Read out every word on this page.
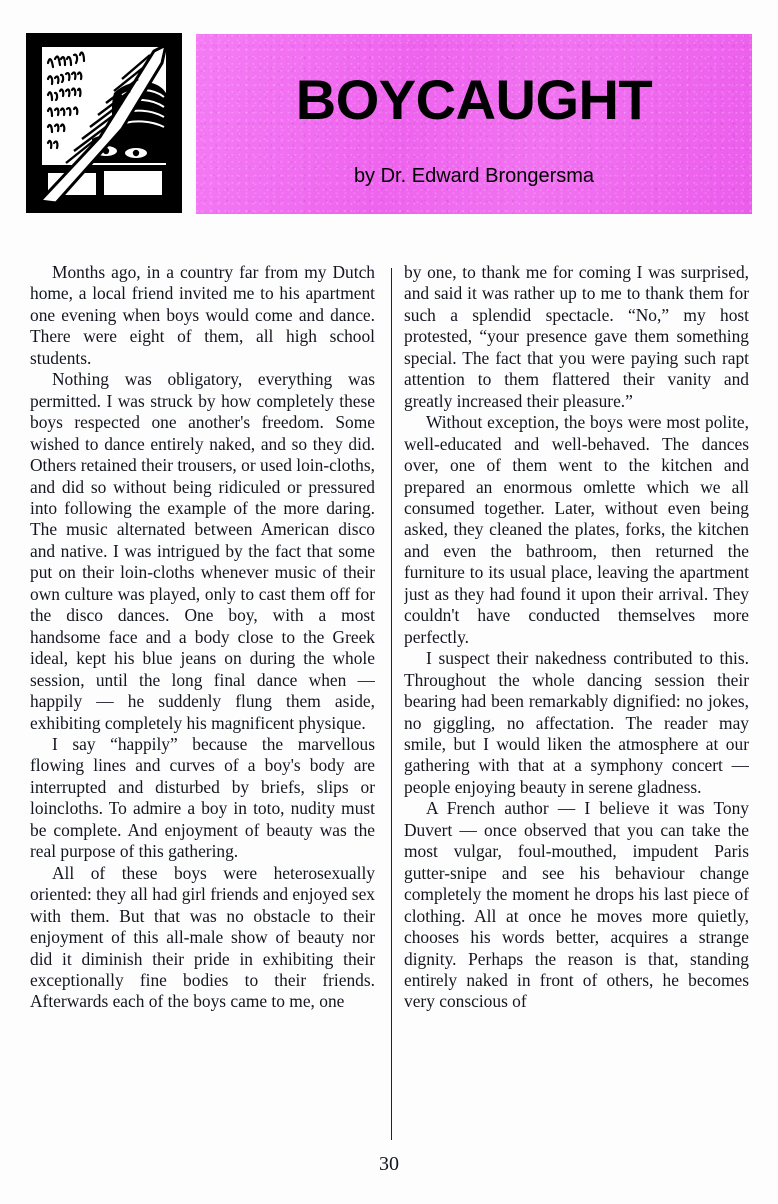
BOYCAUGHT
by Dr. Edward Brongersma

Months ago, in a country far from my Dutch home, a local friend invited me to his apartment one evening when boys would come and dance. There were eight of them, all high school students.

Nothing was obligatory, everything was permitted. I was struck by how completely these boys respected one another's freedom. Some wished to dance entirely naked, and so they did. Others retained their trousers, or used loin-cloths, and did so without being ridiculed or pressured into following the example of the more daring. The music alternated between American disco and native. I was intrigued by the fact that some put on their loin-cloths whenever music of their own culture was played, only to cast them off for the disco dances. One boy, with a most handsome face and a body close to the Greek ideal, kept his blue jeans on during the whole session, until the long final dance when — happily — he suddenly flung them aside, exhibiting completely his magnificent physique.

I say “happily” because the marvellous flowing lines and curves of a boy's body are interrupted and disturbed by briefs, slips or loincloths. To admire a boy in toto, nudity must be complete. And enjoyment of beauty was the real purpose of this gathering.

All of these boys were heterosexually oriented: they all had girl friends and enjoyed sex with them. But that was no obstacle to their enjoyment of this all-male show of beauty nor did it diminish their pride in exhibiting their exceptionally fine bodies to their friends. Afterwards each of the boys came to me, one

by one, to thank me for coming I was surprised, and said it was rather up to me to thank them for such a splendid spectacle. “No,” my host protested, “your presence gave them something special. The fact that you were paying such rapt attention to them flattered their vanity and greatly increased their pleasure.”

Without exception, the boys were most polite, well-educated and well-behaved. The dances over, one of them went to the kitchen and prepared an enormous omlette which we all consumed together. Later, without even being asked, they cleaned the plates, forks, the kitchen and even the bathroom, then returned the furniture to its usual place, leaving the apartment just as they had found it upon their arrival. They couldn't have conducted themselves more perfectly.

I suspect their nakedness contributed to this. Throughout the whole dancing session their bearing had been remarkably dignified: no jokes, no giggling, no affectation. The reader may smile, but I would liken the atmosphere at our gathering with that at a symphony concert — people enjoying beauty in serene gladness.

A French author — I believe it was Tony Duvert — once observed that you can take the most vulgar, foul-mouthed, impudent Paris gutter-snipe and see his behaviour change completely the moment he drops his last piece of clothing. All at once he moves more quietly, chooses his words better, acquires a strange dignity. Perhaps the reason is that, standing entirely naked in front of others, he becomes very conscious of

30
